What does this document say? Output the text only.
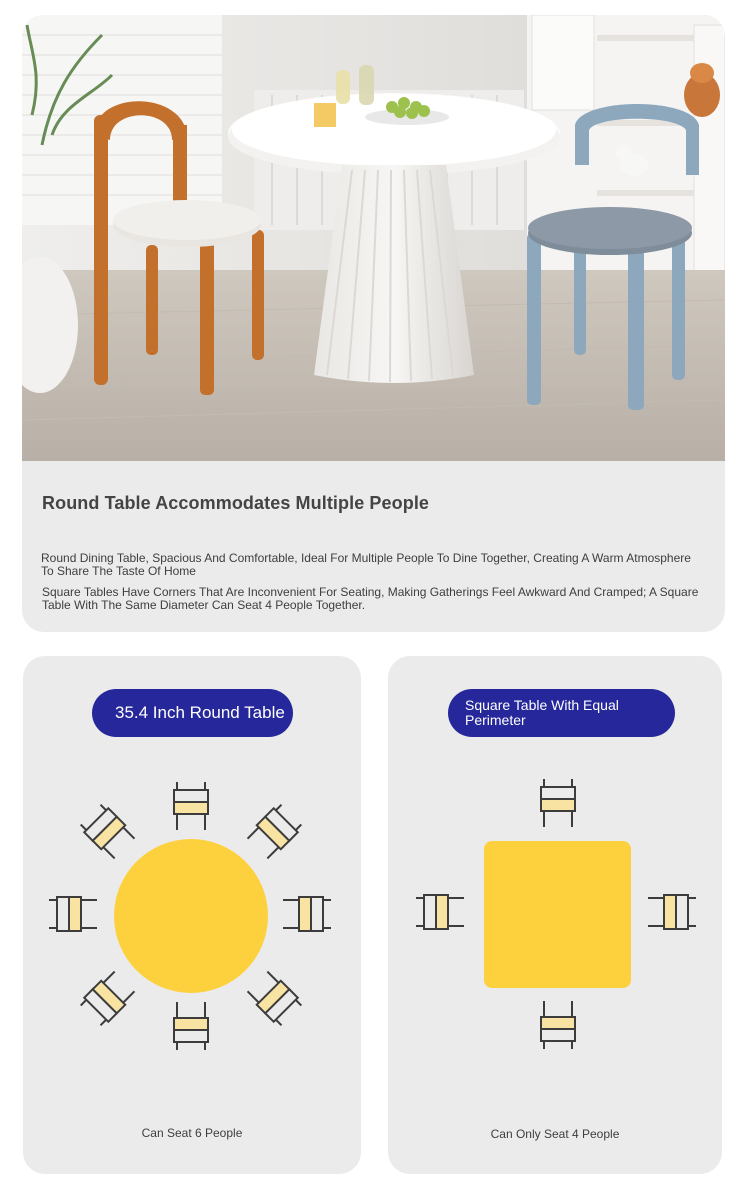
Round Table Accommodates Multiple People

Round Dining Table, Spacious And Comfortable, Ideal For Multiple People To Dine Together, Creating A Warm Atmosphere To Share The Taste Of Home

Square Tables Have Corners That Are Inconvenient For Seating, Making Gatherings Feel Awkward And Cramped; A Square Table With The Same Diameter Can Seat 4 People Together.

35.4 Inch Round Table
Can Seat 6 People
Square Table With Equal Perimeter
Can Only Seat 4 People
